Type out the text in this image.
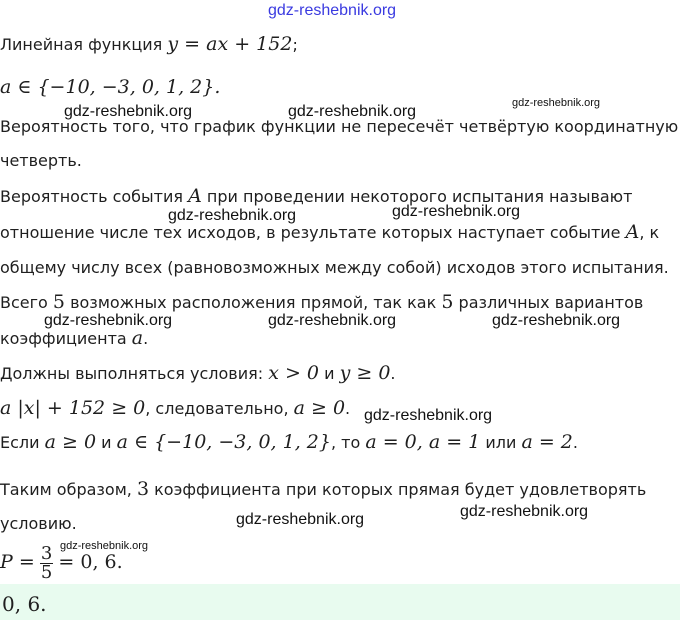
gdz-reshebnik.org
Линейная функция y = ax + 152;
a ∈ {−10, −3, 0, 1, 2}.
gdz-reshebnik.org	gdz-reshebnik.org	gdz-reshebnik.org
Вероятность того, что график функции не пересечёт четвёртую координатную
четверть.
Вероятность события A при проведении некоторого испытания называют
gdz-reshebnik.org	gdz-reshebnik.org
отношение числе тех исходов, в результате которых наступает событие A, к
общему числу всех (равновозможных между собой) исходов этого испытания.
Всего 5 возможных расположения прямой, так как 5 различных вариантов
gdz-reshebnik.org	gdz-reshebnik.org	gdz-reshebnik.org
коэффициента a.
Должны выполняться условия: x > 0 и y ≥ 0.
a |x| + 152 ≥ 0, следовательно, a ≥ 0. gdz-reshebnik.org
Если a ≥ 0 и a ∈ {−10, −3, 0, 1, 2}, то a = 0, a = 1 или a = 2.
Таким образом, 3 коэффициента при которых прямая будет удовлетворять
gdz-reshebnik.org
gdz-reshebnik.org
условию.
gdz-reshebnik.org
$P = \frac{3}{5} = 0$, 6.
0, 6.
